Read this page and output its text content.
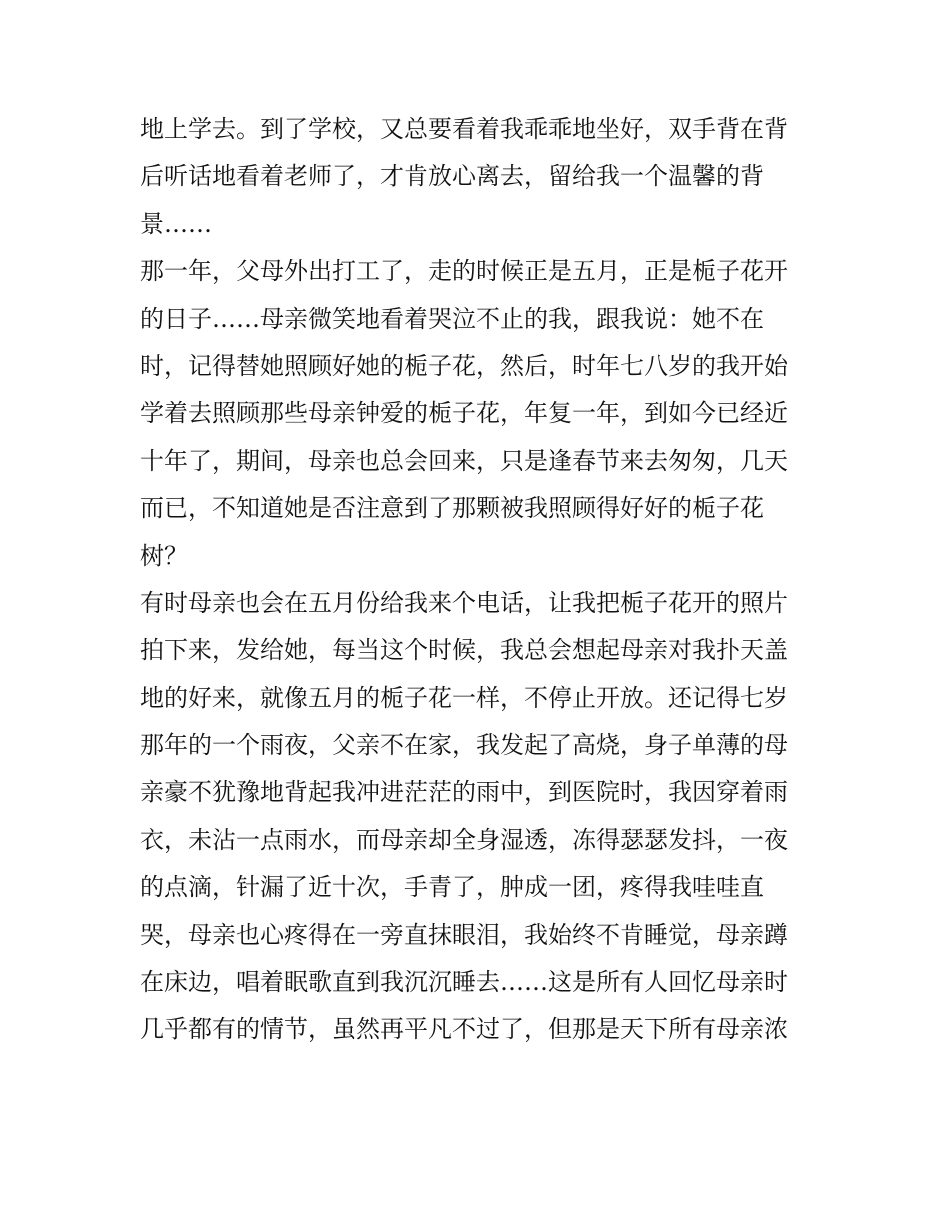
地上学去。到了学校，又总要看着我乖乖地坐好，双手背在背
后听话地看着老师了，才肯放心离去，留给我一个温馨的背
景……
那一年，父母外出打工了，走的时候正是五月，正是栀子花开
的日子……母亲微笑地看着哭泣不止的我，跟我说：她不在
时，记得替她照顾好她的栀子花，然后，时年七八岁的我开始
学着去照顾那些母亲钟爱的栀子花，年复一年，到如今已经近
十年了，期间，母亲也总会回来，只是逢春节来去匆匆，几天
而已，不知道她是否注意到了那颗被我照顾得好好的栀子花
树？
有时母亲也会在五月份给我来个电话，让我把栀子花开的照片
拍下来，发给她，每当这个时候，我总会想起母亲对我扑天盖
地的好来，就像五月的栀子花一样，不停止开放。还记得七岁
那年的一个雨夜，父亲不在家，我发起了高烧，身子单薄的母
亲豪不犹豫地背起我冲进茫茫的雨中，到医院时，我因穿着雨
衣，未沾一点雨水，而母亲却全身湿透，冻得瑟瑟发抖，一夜
的点滴，针漏了近十次，手青了，肿成一团，疼得我哇哇直
哭，母亲也心疼得在一旁直抹眼泪，我始终不肯睡觉，母亲蹲
在床边，唱着眠歌直到我沉沉睡去……这是所有人回忆母亲时
几乎都有的情节，虽然再平凡不过了，但那是天下所有母亲浓
